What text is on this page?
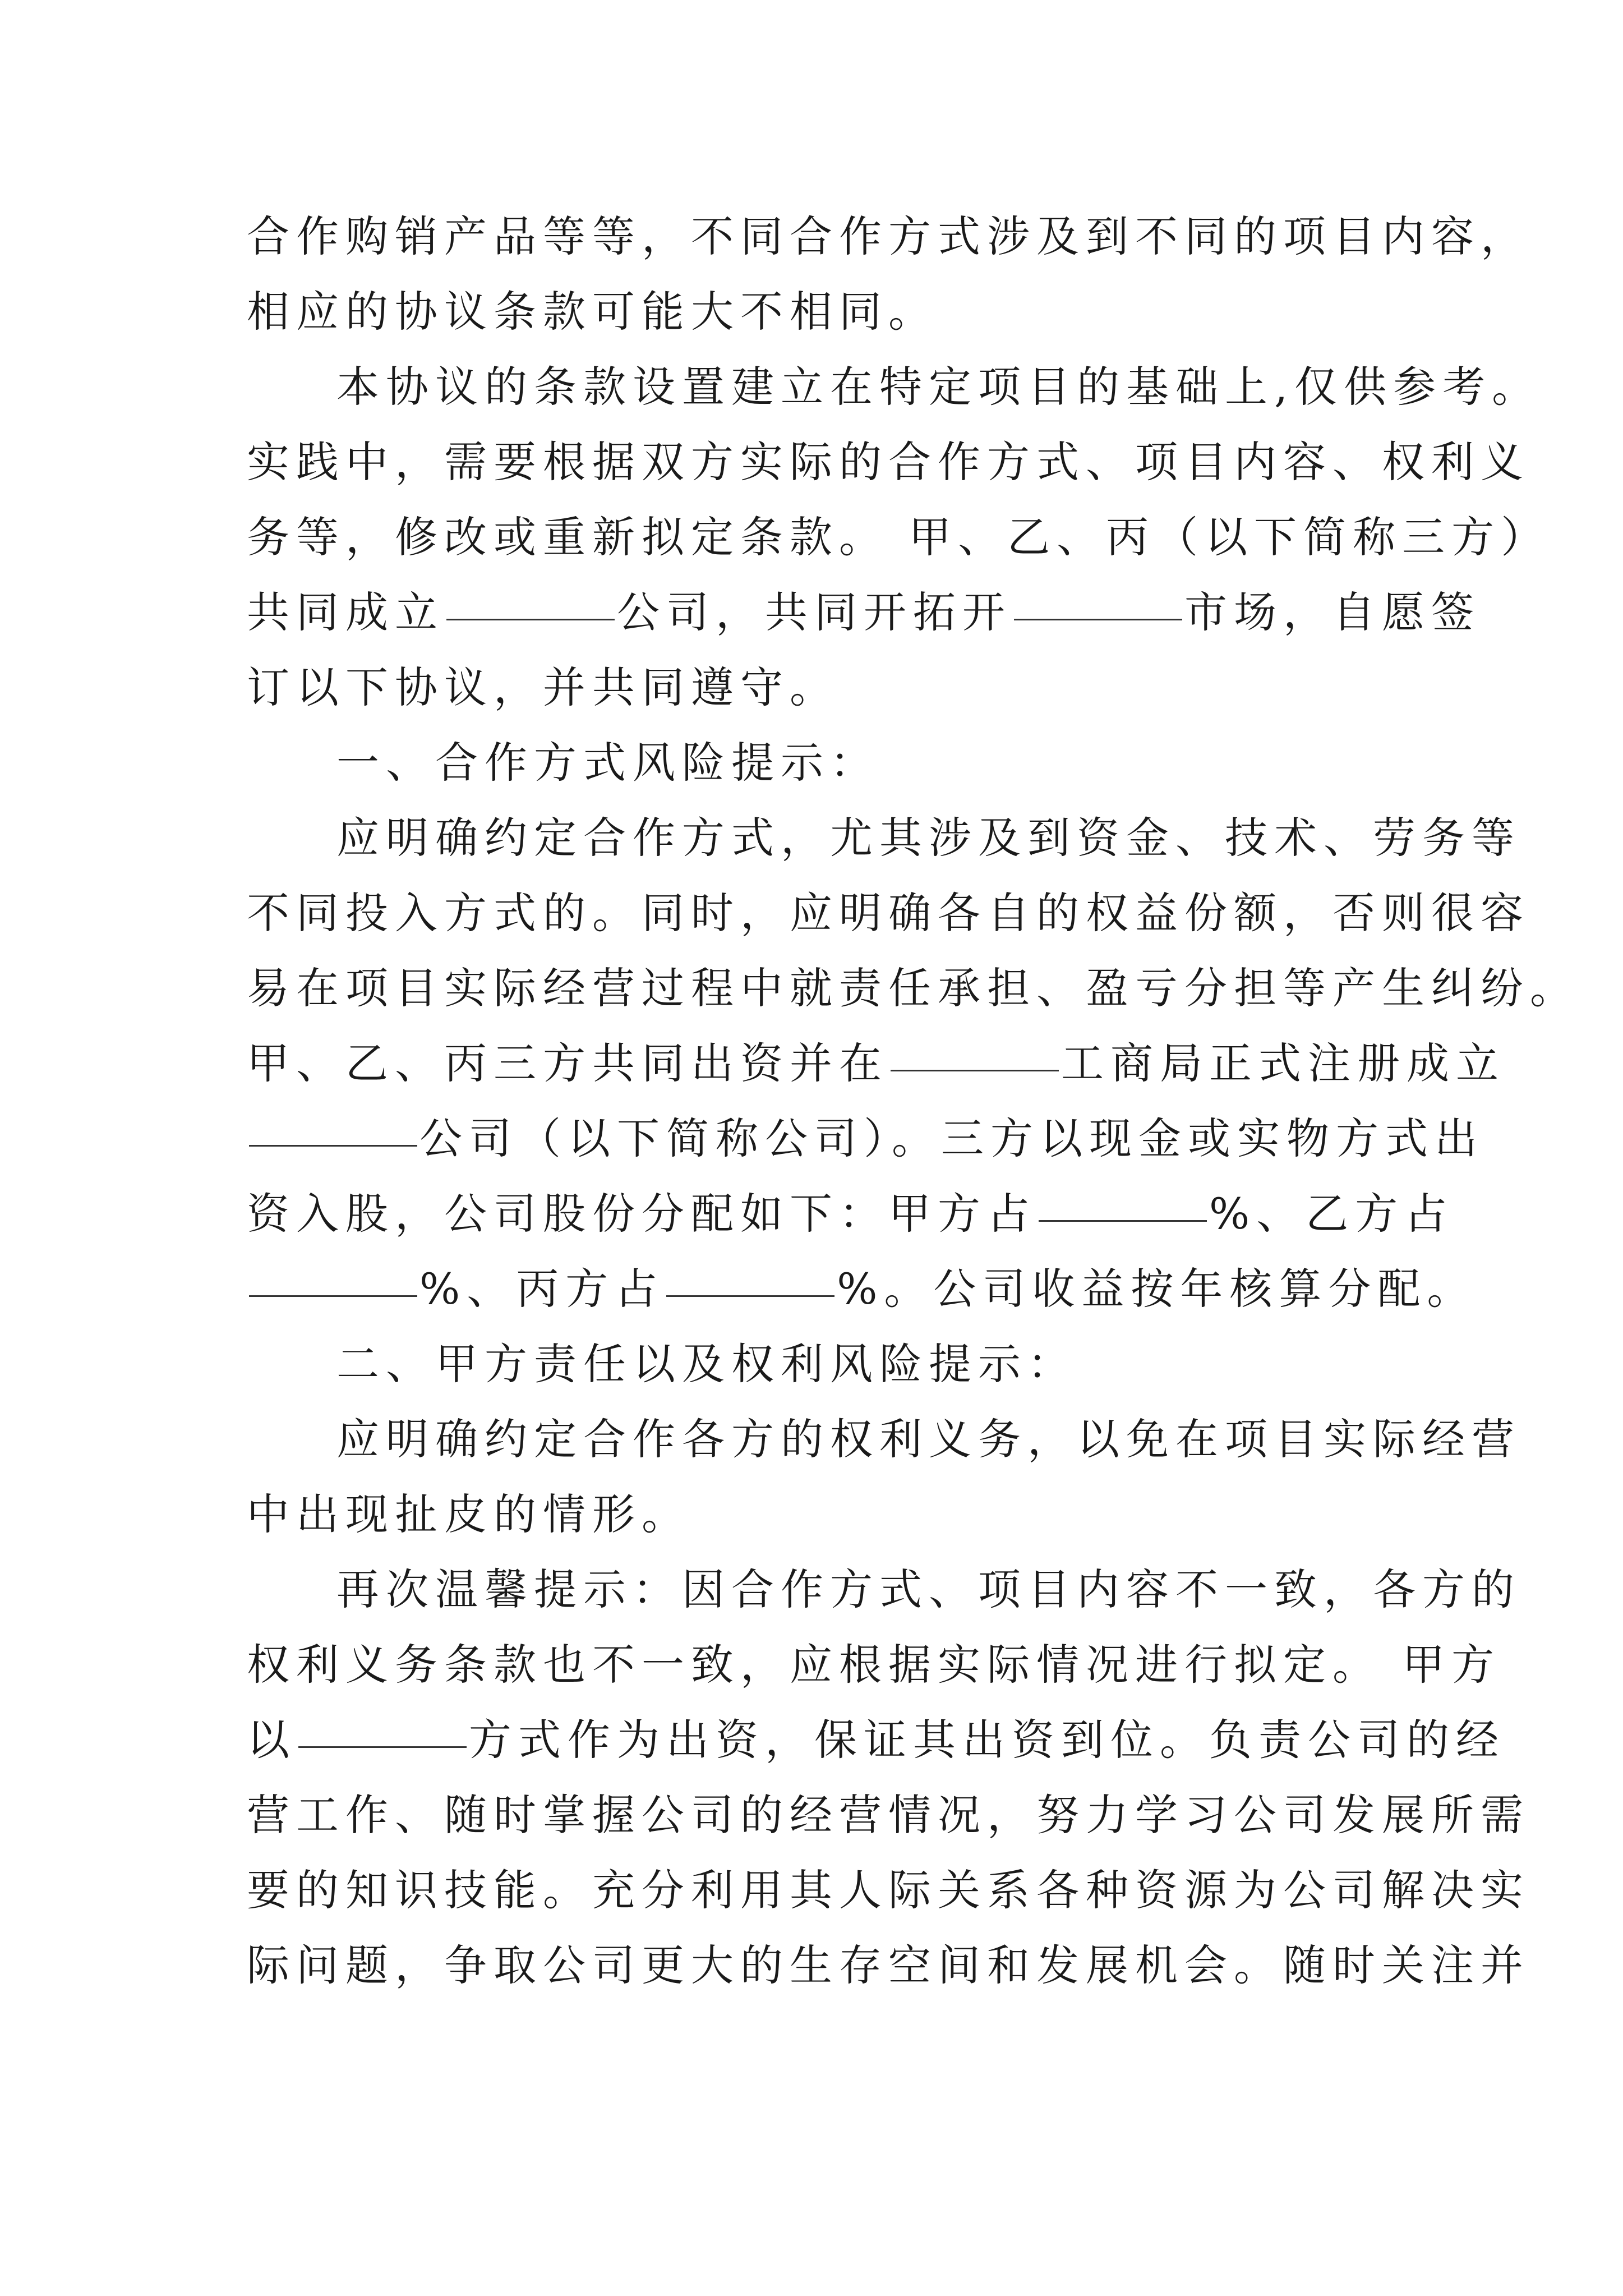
合作购销产品等等，不同合作方式涉及到不同的项目内容，
相应的协议条款可能大不相同。
本协议的条款设置建立在特定项目的基础上,仅供参考。
实践中，需要根据双方实际的合作方式、项目内容、权利义
务等，修改或重新拟定条款。 甲、乙、丙（以下简称三方）
共同成立	公司，共同开拓开	市场，自愿签
订以下协议，并共同遵守。
一、合作方式风险提示：
应明确约定合作方式，尤其涉及到资金、技术、劳务等
不同投入方式的。同时，应明确各自的权益份额，否则很容
易在项目实际经营过程中就责任承担、盈亏分担等产生纠纷。
甲、乙、丙三方共同出资并在	工商局正式注册成立
公司（以下简称公司）。三方以现金或实物方式出
资入股，公司股份分配如下：甲方占	%、乙方占
%、丙方占	%。公司收益按年核算分配。
二、甲方责任以及权利风险提示：
应明确约定合作各方的权利义务，以免在项目实际经营
中出现扯皮的情形。
再次温馨提示：因合作方式、项目内容不一致，各方的
权利义务条款也不一致，应根据实际情况进行拟定。 甲方
以	方式作为出资，保证其出资到位。负责公司的经
营工作、随时掌握公司的经营情况，努力学习公司发展所需
要的知识技能。充分利用其人际关系各种资源为公司解决实
际问题，争取公司更大的生存空间和发展机会。随时关注并
